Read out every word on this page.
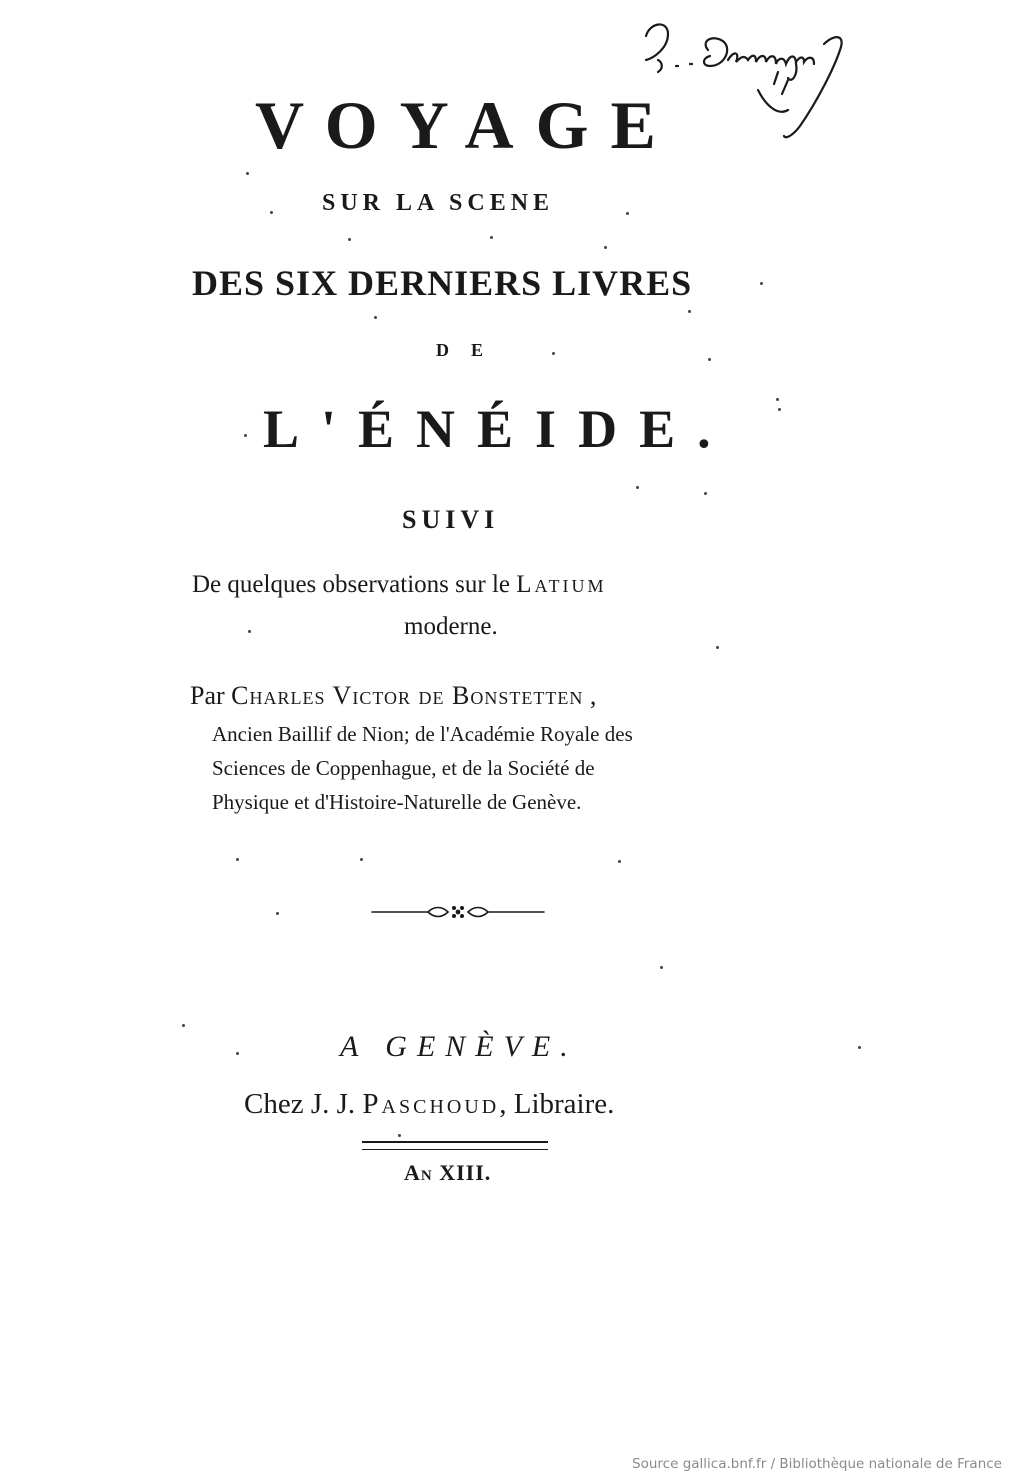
VOYAGE
SUR LA SCENE
DES SIX DERNIERS LIVRES
DE
L'ÉNÉIDE.
SUIVI
De quelques observations sur le Latium
moderne.
Par Charles Victor de Bonstetten ,
Ancien Baillif de Nion; de l'Académie Royale des
Sciences de Coppenhague, et de la Société de
Physique et d'Histoire-Naturelle de Genève.
A GENÈVE.
Chez J. J. Paschoud, Libraire.
An XIII.
Source gallica.bnf.fr / Bibliothèque nationale de France
